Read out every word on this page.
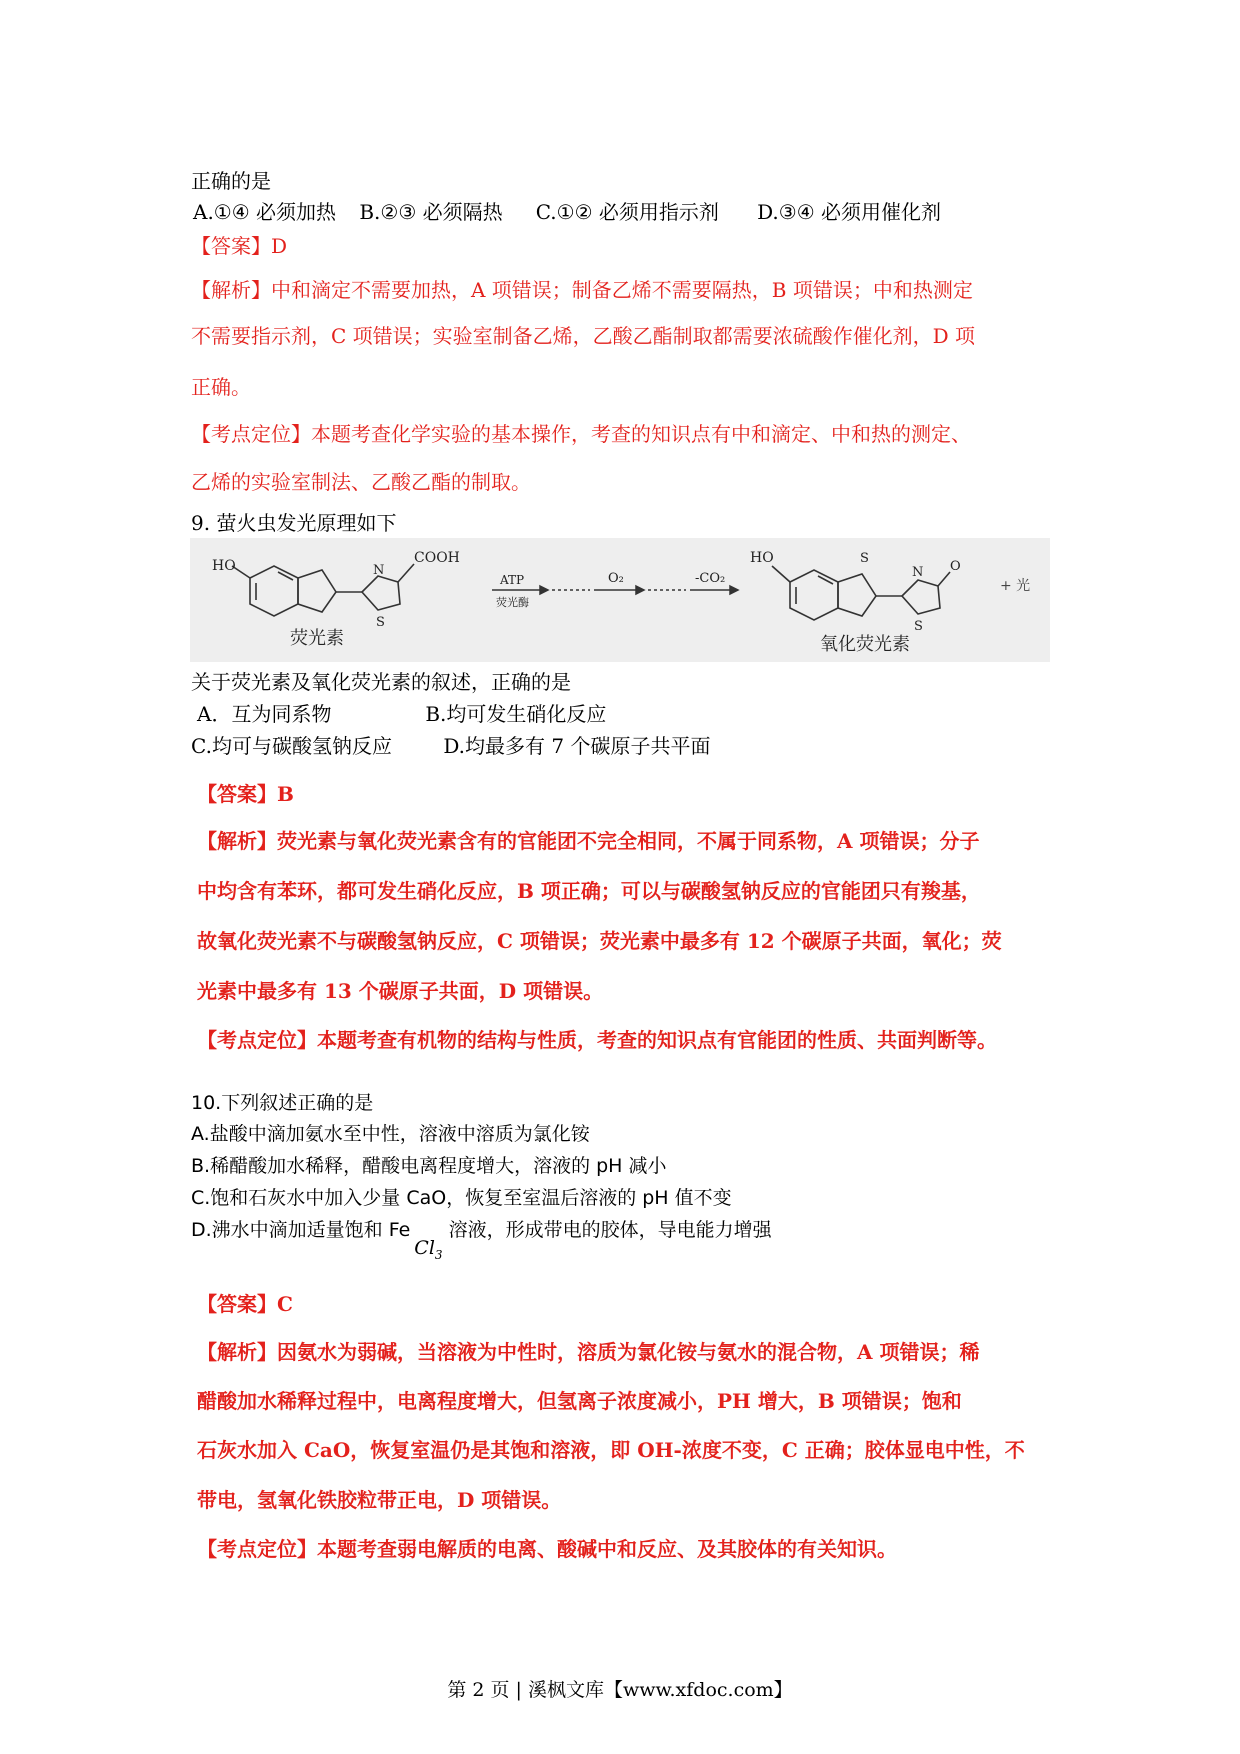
正确的是
A.①④ 必须加热 B.②③ 必须隔热 C.①② 必须用指示剂 D.③④ 必须用催化剂
【答案】D
【解析】中和滴定不需要加热，A 项错误；制备乙烯不需要隔热，B 项错误；中和热测定
不需要指示剂，C 项错误；实验室制备乙烯，乙酸乙酯制取都需要浓硫酸作催化剂，D 项
正确。
【考点定位】本题考查化学实验的基本操作，考查的知识点有中和滴定、中和热的测定、
乙烯的实验室制法、乙酸乙酯的制取。
9. 萤火虫发光原理如下
HO	N
S
COOH
荧光素
ATP
荧光酶
O₂	-CO₂
HO	S
N O
S
氧化荧光素
+ 光
关于荧光素及氧化荧光素的叙述，正确的是
A．互为同系物	B.均可发生硝化反应
C.均可与碳酸氢钠反应	D.均最多有 7 个碳原子共平面
【答案】B
【解析】荧光素与氧化荧光素含有的官能团不完全相同，不属于同系物，A 项错误；分子
中均含有苯环，都可发生硝化反应，B 项正确；可以与碳酸氢钠反应的官能团只有羧基，
故氧化荧光素不与碳酸氢钠反应，C 项错误；荧光素中最多有 12 个碳原子共面，氧化；荧
光素中最多有 13 个碳原子共面，D 项错误。
【考点定位】本题考查有机物的结构与性质，考查的知识点有官能团的性质、共面判断等。
10.下列叙述正确的是
A.盐酸中滴加氨水至中性，溶液中溶质为氯化铵
B.稀醋酸加水稀释，醋酸电离程度增大，溶液的 pH 减小
C.饱和石灰水中加入少量 CaO，恢复至室温后溶液的 pH 值不变
D.沸水中滴加适量饱和 FeCl$_3$溶液，形成带电的胶体，导电能力增强
【答案】C
【解析】因氨水为弱碱，当溶液为中性时，溶质为氯化铵与氨水的混合物，A 项错误；稀
醋酸加水稀释过程中，电离程度增大，但氢离子浓度减小，PH 增大，B 项错误；饱和
石灰水加入 CaO，恢复室温仍是其饱和溶液，即 OH-浓度不变，C 正确；胶体显电中性，不
带电，氢氧化铁胶粒带正电，D 项错误。
【考点定位】本题考查弱电解质的电离、酸碱中和反应、及其胶体的有关知识。
第 2 页 | 溪枫文库【www.xfdoc.com】
